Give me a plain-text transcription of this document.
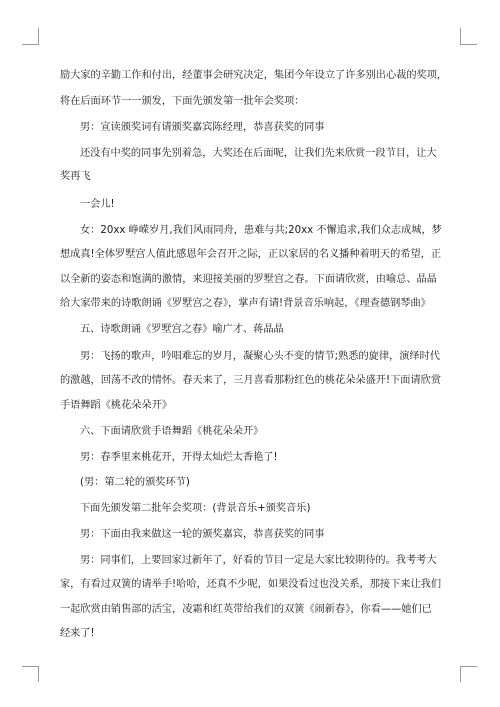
励大家的辛勤工作和付出，经董事会研究决定，集团今年设立了许多别出心裁的奖项，
将在后面环节一一颁发，下面先颁发第一批年会奖项：
男：宣读颁奖词有请颁奖嘉宾陈经理，恭喜获奖的同事
还没有中奖的同事先别着急，大奖还在后面呢，让我们先来欣赏一段节目，让大
奖再飞
一会儿!
女：20xx 峥嵘岁月,我们风雨同舟，患难与共;20xx 不懈追求,我们众志成城，梦
想成真!全体罗墅宫人值此感恩年会召开之际，正以家居的名义播种着明天的希望，正
以全新的姿态和饱满的激情，来迎接美丽的罗墅宫之春。下面请欣赏，由喻总、晶晶
给大家带来的诗歌朗诵《罗墅宫之春》，掌声有请!背景音乐响起，《理查德钢琴曲》
五、诗歌朗诵《罗墅宫之春》喻广才、蒋晶晶
男：飞扬的歌声，吟唱难忘的岁月，凝聚心头不变的情节;熟悉的旋律，演绎时代
的激越，回荡不改的情怀。春天来了，三月喜看那粉红色的桃花朵朵盛开!下面请欣赏
手语舞蹈《桃花朵朵开》
六、下面请欣赏手语舞蹈《桃花朵朵开》
男：春季里来桃花开，开得太灿烂太香艳了!
(男：第二轮的颁奖环节)
下面先颁发第二批年会奖项：(背景音乐+颁奖音乐)
男：下面由我来做这一轮的颁奖嘉宾，恭喜获奖的同事
男：同事们，上要回家过新年了，好看的节目一定是大家比较期待的。我考考大
家，有看过双簧的请举手!哈哈，还真不少呢，如果没看过也没关系，那接下来让我们
一起欣赏由销售部的活宝，凌霜和红英带给我们的双簧《闹新春》，你看——她们已
经来了!
